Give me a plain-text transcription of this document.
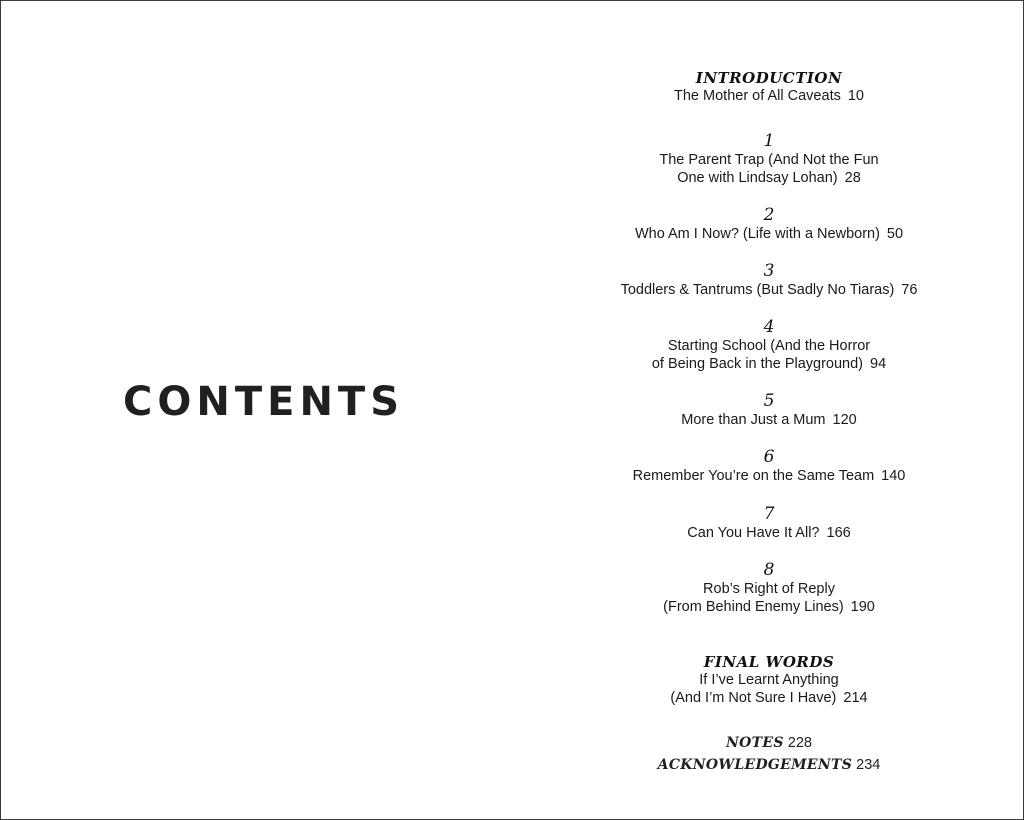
CONTENTS
INTRODUCTION
The Mother of All Caveats 10
1
The Parent Trap (And Not the Fun
One with Lindsay Lohan) 28
2
Who Am I Now? (Life with a Newborn) 50
3
Toddlers & Tantrums (But Sadly No Tiaras) 76
4
Starting School (And the Horror
of Being Back in the Playground) 94
5
More than Just a Mum 120
6
Remember You’re on the Same Team 140
7
Can You Have It All? 166
8
Rob’s Right of Reply
(From Behind Enemy Lines) 190
FINAL WORDS
If I’ve Learnt Anything
(And I’m Not Sure I Have) 214
NOTES 228
ACKNOWLEDGEMENTS 234
